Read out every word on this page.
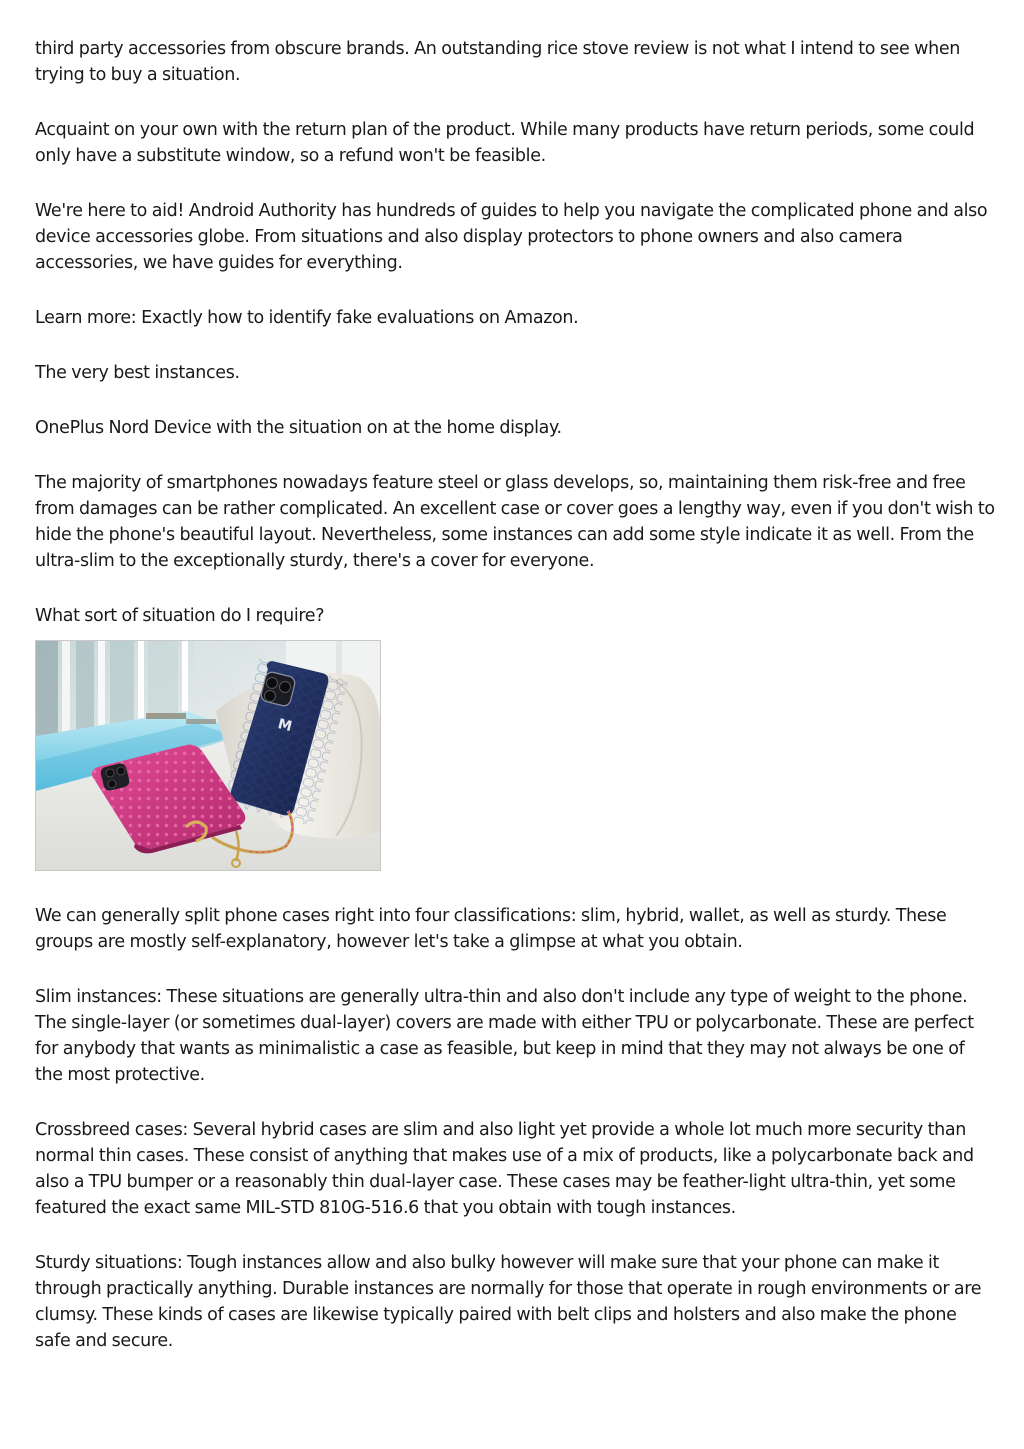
third party accessories from obscure brands. An outstanding rice stove review is not what I intend to see when trying to buy a situation.

Acquaint on your own with the return plan of the product. While many products have return periods, some could only have a substitute window, so a refund won't be feasible.

We're here to aid! Android Authority has hundreds of guides to help you navigate the complicated phone and also device accessories globe. From situations and also display protectors to phone owners and also camera accessories, we have guides for everything.

Learn more: Exactly how to identify fake evaluations on Amazon.

The very best instances.

OnePlus Nord Device with the situation on at the home display.

The majority of smartphones nowadays feature steel or glass develops, so, maintaining them risk-free and free from damages can be rather complicated. An excellent case or cover goes a lengthy way, even if you don't wish to hide the phone's beautiful layout. Nevertheless, some instances can add some style indicate it as well. From the ultra-slim to the exceptionally sturdy, there's a cover for everyone.

What sort of situation do I require?

M

We can generally split phone cases right into four classifications: slim, hybrid, wallet, as well as sturdy. These groups are mostly self-explanatory, however let's take a glimpse at what you obtain.

Slim instances: These situations are generally ultra-thin and also don't include any type of weight to the phone. The single-layer (or sometimes dual-layer) covers are made with either TPU or polycarbonate. These are perfect for anybody that wants as minimalistic a case as feasible, but keep in mind that they may not always be one of the most protective.

Crossbreed cases: Several hybrid cases are slim and also light yet provide a whole lot much more security than normal thin cases. These consist of anything that makes use of a mix of products, like a polycarbonate back and also a TPU bumper or a reasonably thin dual-layer case. These cases may be feather-light ultra-thin, yet some featured the exact same MIL-STD 810G-516.6 that you obtain with tough instances.

Sturdy situations: Tough instances allow and also bulky however will make sure that your phone can make it through practically anything. Durable instances are normally for those that operate in rough environments or are clumsy. These kinds of cases are likewise typically paired with belt clips and holsters and also make the phone safe and secure.
